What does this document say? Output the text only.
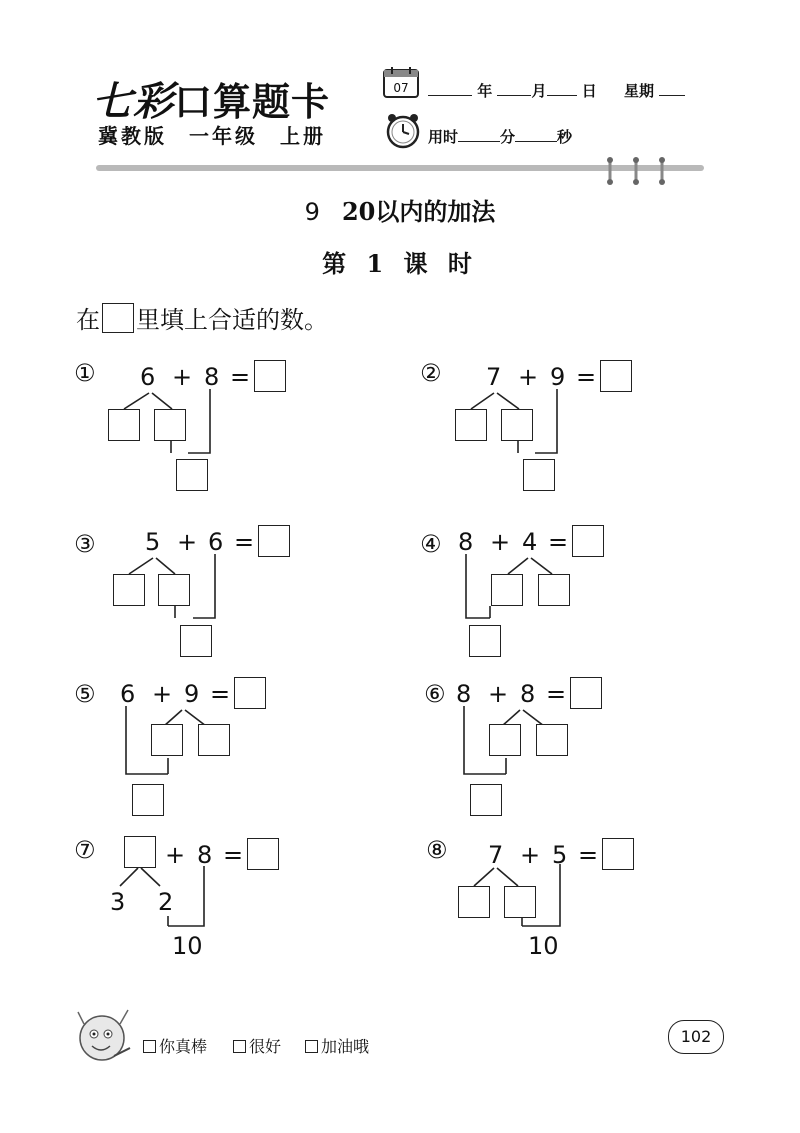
七彩口算题卡
冀教版 一年级 上册
07	年	月 日 星期
用时	分	秒
9 20以内的加法
第 1 课 时
在 里填上合适的数。
① 6 + 8 =	② 7 + 9 =
③ 5 + 6 =	④ 8 + 4 =
⑤ 6 + 9 =	⑥ 8 + 8 =
⑦	+ 8 =
3 2
10
⑧ 7 + 5 =
10
你真棒	很好	加油哦
102
